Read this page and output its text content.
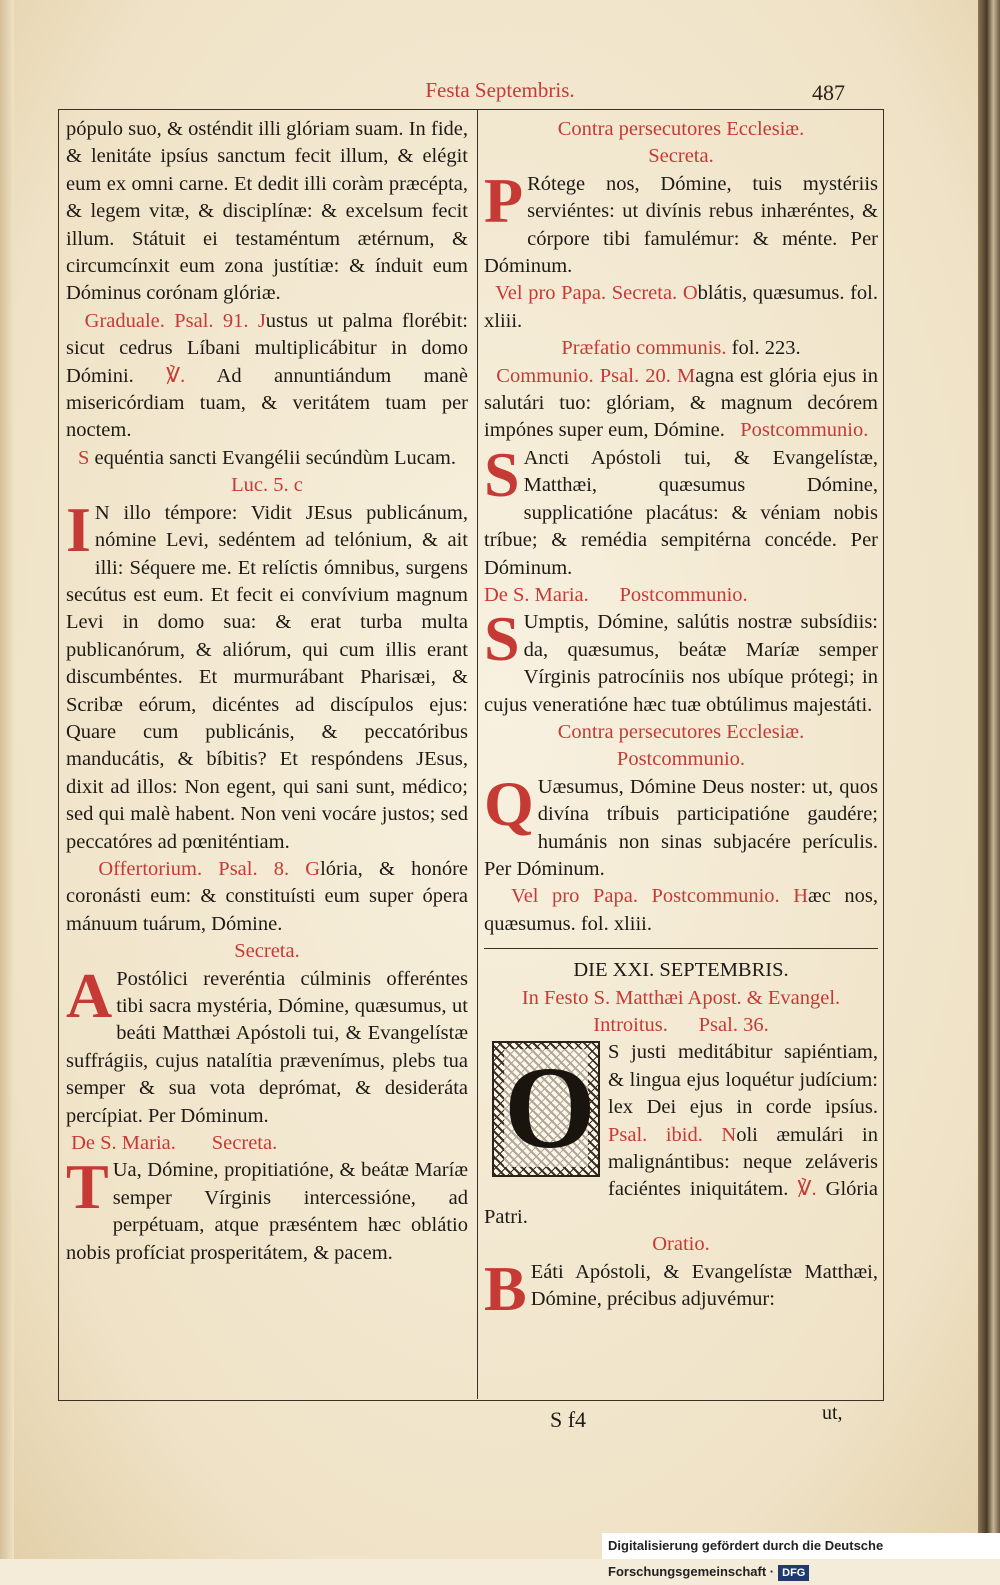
Festa Septembris.	487

pópulo suo, & osténdit illi glóriam suam. In fide, & lenitáte ipsíus sanctum fecit illum, & elégit eum ex omni carne. Et dedit illi coràm præcépta, & legem vitæ, & disciplínæ: & excelsum fecit illum. Státuit ei testaméntum ætérnum, & circumcínxit eum zona justítiæ: & índuit eum Dóminus corónam glóriæ.

Graduale. Psal. 91. Justus ut palma florébit: sicut cedrus Líbani multiplicábitur in domo Dómini. ℣. Ad annuntiándum manè misericórdiam tuam, & veritátem tuam per noctem.

S equéntia sancti Evangélii secúndùm Lucam. Luc. 5. c

I N illo témpore: Vidit JEsus publicánum, nómine Levi, sedéntem ad telónium, & ait illi: Séquere me. Et relíctis ómnibus, surgens secútus est eum. Et fecit ei convívium magnum Levi in domo sua: & erat turba multa publicanórum, & aliórum, qui cum illis erant discumbéntes. Et murmurábant Pharisæi, & Scribæ eórum, dicéntes ad discípulos ejus: Quare cum publicánis, & peccatóribus manducátis, & bíbitis? Et respóndens JEsus, dixit ad illos: Non egent, qui sani sunt, médico; sed qui malè habent. Non veni vocáre justos; sed peccatóres ad pœniténtiam.

Offertorium. Psal. 8. Glória, & honóre coronásti eum: & constituísti eum super ópera mánuum tuárum, Dómine.

Secreta.

A Postólici reveréntia cúlminis offeréntes tibi sacra mystéria, Dómine, quæsumus, ut beáti Matthæi Apóstoli tui, & Evangelístæ suffrágiis, cujus natalítia prævenímus, plebs tua semper & sua vota deprómat, & desideráta percípiat. Per Dóminum.

De S. Maria. Secreta.

T Ua, Dómine, propitiatióne, & beátæ Maríæ semper Vírginis intercessióne, ad perpétuam, atque præséntem hæc oblátio nobis profíciat prosperitátem, & pacem.

Contra persecutores Ecclesiæ.

Secreta.

P Rótege nos, Dómine, tuis mystériis serviéntes: ut divínis rebus inhæréntes, & córpore tibi famulémur: & ménte. Per Dóminum.

Vel pro Papa. Secreta. Oblátis, quæsumus. fol. xliii.

Præfatio communis. fol. 223.

Communio. Psal. 20. Magna est glória ejus in salutári tuo: glóriam, & magnum decórem impónes super eum, Dómine. Postcommunio.

S Ancti Apóstoli tui, & Evangelístæ, Matthæi, quæsumus Dómine, supplicatióne placátus: & véniam nobis tríbue; & remédia sempitérna concéde. Per Dóminum.

De S. Maria. Postcommunio.

S Umptis, Dómine, salútis nostræ subsídiis: da, quæsumus, beátæ Maríæ semper Vírginis patrocíniis nos ubíque prótegi; in cujus veneratióne hæc tuæ obtúlimus majestáti.

Contra persecutores Ecclesiæ.

Postcommunio.

Q Uæsumus, Dómine Deus noster: ut, quos divína tríbuis participatióne gaudére; humánis non sinas subjacére perículis. Per Dóminum.

Vel pro Papa. Postcommunio. Hæc nos, quæsumus. fol. xliii.

DIE XXI. SEPTEMBRIS.

In Festo S. Matthæi Apost. & Evangel.

Introitus. Psal. 36.

O S justi meditábitur sapiéntiam, & lingua ejus loquétur judícium: lex Dei ejus in corde ipsíus. Psal. ibid. Noli æmulári in malignántibus: neque zeláveris faciéntes iniquitátem. ℣. Glória Patri.

Oratio.

B Eáti Apóstoli, & Evangelístæ Matthæi, Dómine, précibus adjuvémur:

S f4	ut,
Digitalisierung gefördert durch die Deutsche Forschungsgemeinschaft · DFG
